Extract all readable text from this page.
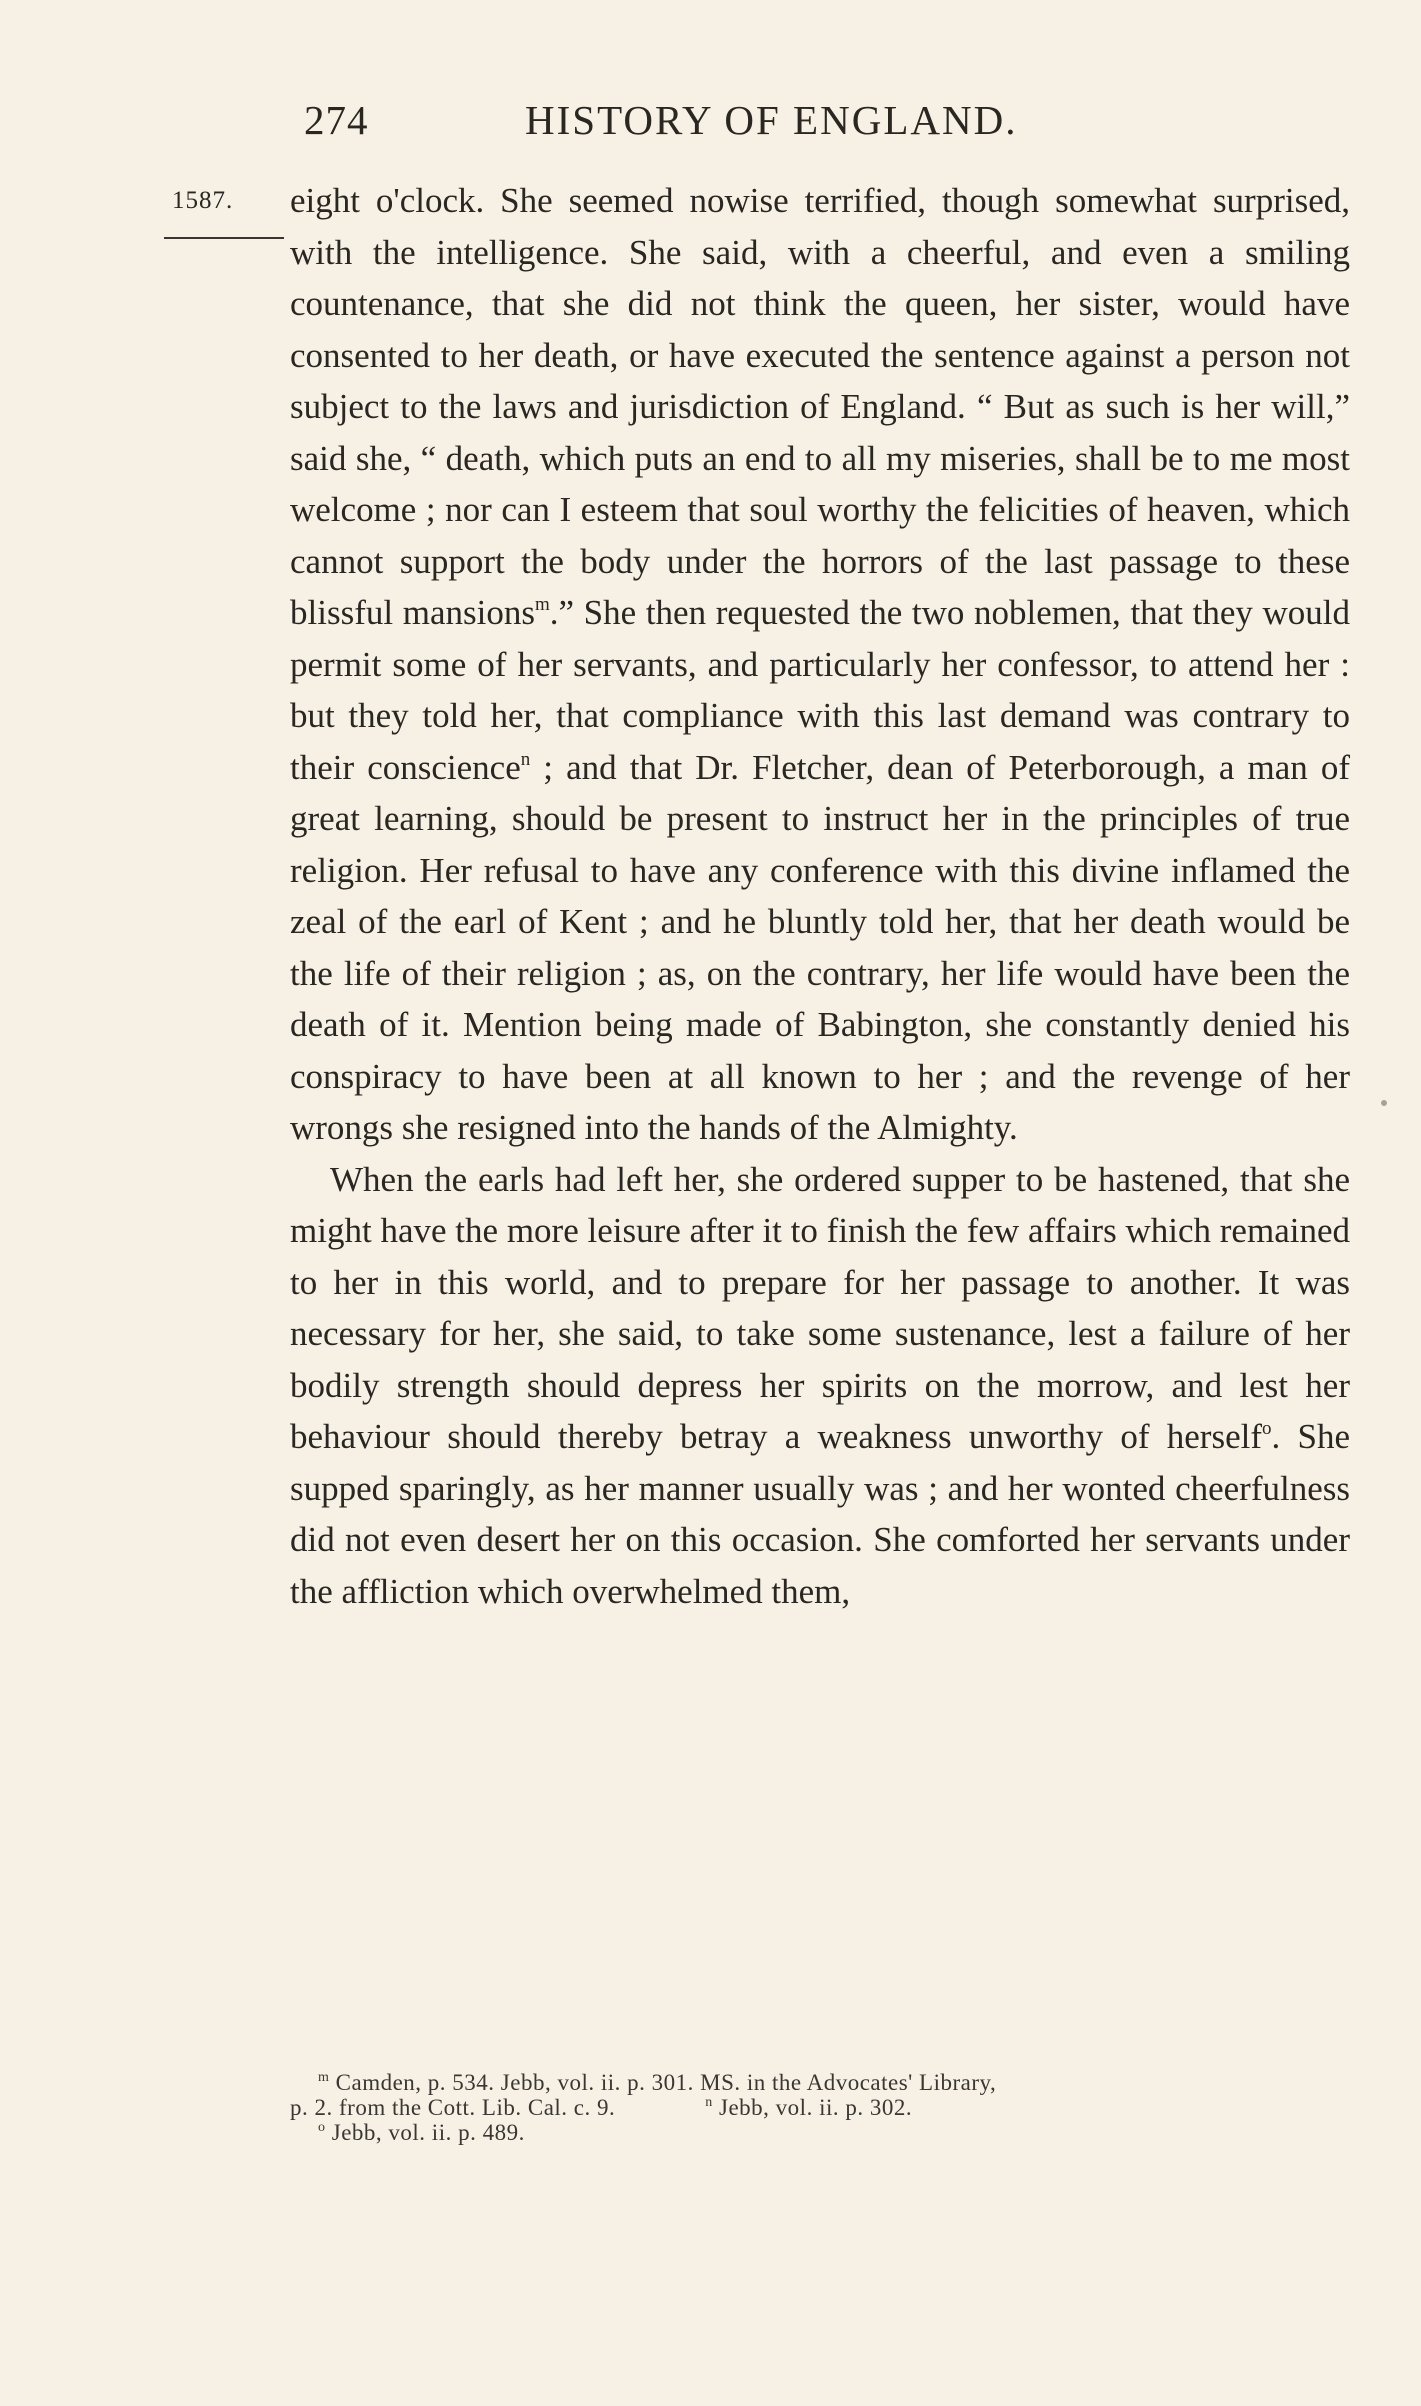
274	HISTORY OF ENGLAND.
1587. eight o'clock. She seemed nowise terrified, though somewhat surprised, with the intelligence. She said, with a cheerful, and even a smiling countenance, that she did not think the queen, her sister, would have consented to her death, or have executed the sentence against a person not subject to the laws and jurisdiction of England. “ But as such is her will,” said she, “ death, which puts an end to all my miseries, shall be to me most welcome ; nor can I esteem that soul worthy the felicities of heaven, which cannot support the body under the horrors of the last passage to these blissful mansions$^m$.” She then requested the two noblemen, that they would permit some of her servants, and particularly her confessor, to attend her : but they told her, that compliance with this last demand was contrary to their conscience$^n$ ; and that Dr. Fletcher, dean of Peterborough, a man of great learning, should be present to instruct her in the principles of true religion. Her refusal to have any conference with this divine inflamed the zeal of the earl of Kent ; and he bluntly told her, that her death would be the life of their religion ; as, on the contrary, her life would have been the death of it. Mention being made of Babington, she constantly denied his conspiracy to have been at all known to her ; and the revenge of her wrongs she resigned into the hands of the Almighty.

When the earls had left her, she ordered supper to be hastened, that she might have the more leisure after it to finish the few affairs which remained to her in this world, and to prepare for her passage to another. It was necessary for her, she said, to take some sustenance, lest a failure of her bodily strength should depress her spirits on the morrow, and lest her behaviour should thereby betray a weakness unworthy of herself$^o$. She supped sparingly, as her manner usually was ; and her wonted cheerfulness did not even desert her on this occasion. She comforted her servants under the affliction which overwhelmed them,

$^m$ Camden, p. 534. Jebb, vol. ii. p. 301. MS. in the Advocates' Library,

p. 2. from the Cott. Lib. Cal. c. 9.	$^n$ Jebb, vol. ii. p. 302.

$^o$ Jebb, vol. ii. p. 489.
